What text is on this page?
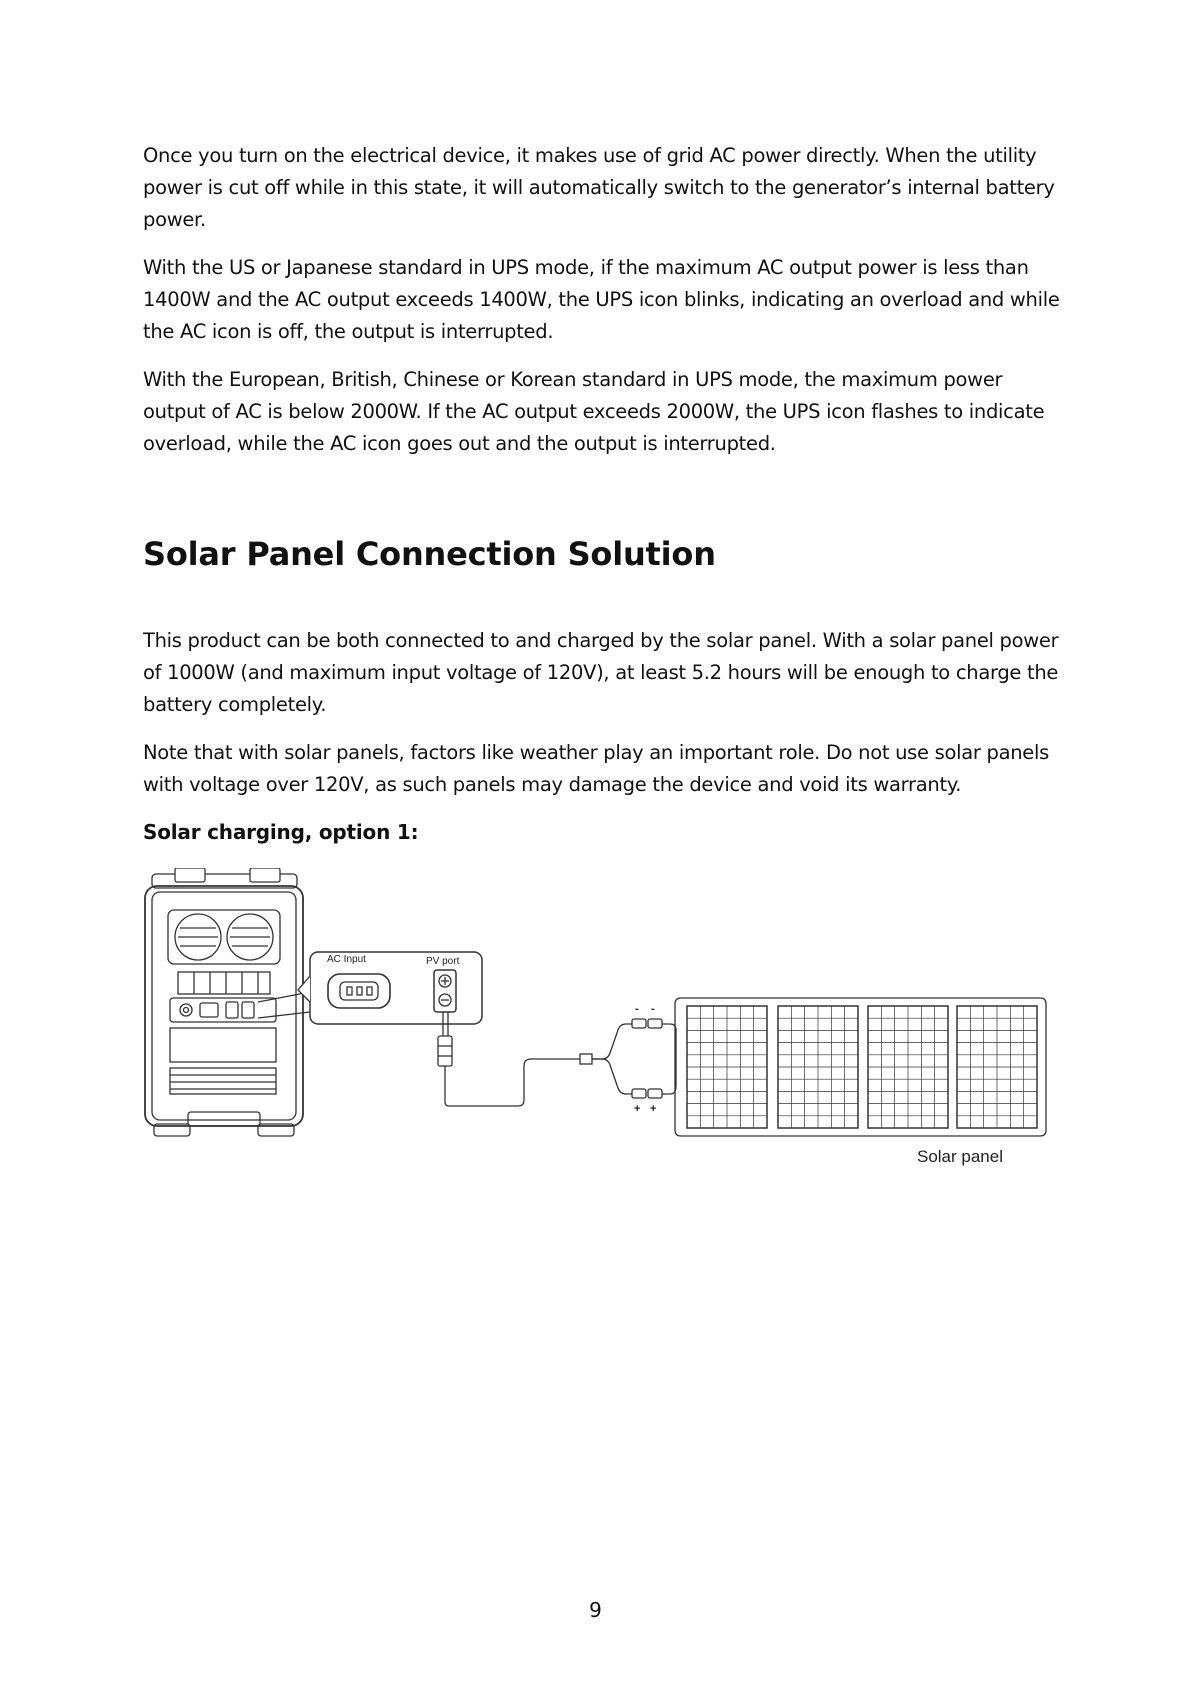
Once you turn on the electrical device, it makes use of grid AC power directly. When the utility power is cut off while in this state, it will automatically switch to the generator’s internal battery power.

With the US or Japanese standard in UPS mode, if the maximum AC output power is less than 1400W and the AC output exceeds 1400W, the UPS icon blinks, indicating an overload and while the AC icon is off, the output is interrupted.

With the European, British, Chinese or Korean standard in UPS mode, the maximum power output of AC is below 2000W. If the AC output exceeds 2000W, the UPS icon flashes to indicate overload, while the AC icon goes out and the output is interrupted.

Solar Panel Connection Solution

This product can be both connected to and charged by the solar panel. With a solar panel power of 1000W (and maximum input voltage of 120V), at least 5.2 hours will be enough to charge the battery completely.

Note that with solar panels, factors like weather play an important role. Do not use solar panels with voltage over 120V, as such panels may damage the device and void its warranty.

Solar charging, option 1:
AC Input	PV port
- -
+ +
Solar panel
9
